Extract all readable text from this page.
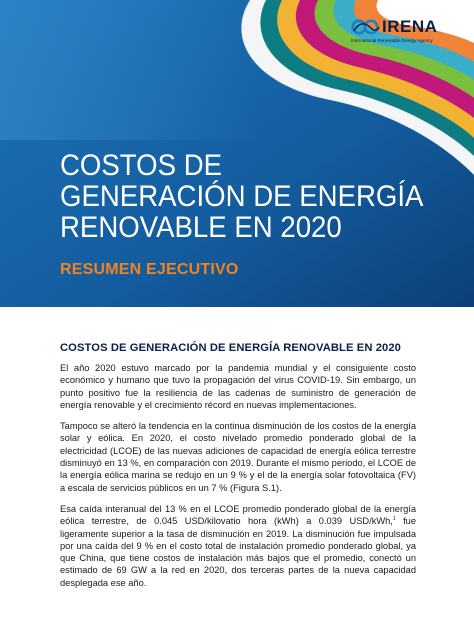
IRENA
International Renewable Energy Agency
COSTOS DE
GENERACIÓN DE ENERGÍA
RENOVABLE EN 2020
RESUMEN EJECUTIVO
COSTOS DE GENERACIÓN DE ENERGÍA RENOVABLE EN 2020

El año 2020 estuvo marcado por la pandemia mundial y el consiguiente costo económico y humano que tuvo la propagación del virus COVID-19. Sin embargo, un punto positivo fue la resiliencia de las cadenas de suministro de generación de energía renovable y el crecimiento récord en nuevas implementaciones.

Tampoco se alteró la tendencia en la continua disminución de los costos de la energía solar y eólica. En 2020, el costo nivelado promedio ponderado global de la electricidad (LCOE) de las nuevas adiciones de capacidad de energía eólica terrestre disminuyó en 13 %, en comparación con 2019. Durante el mismo periodo, el LCOE de la energía eólica marina se redujo en un 9 % y el de la energía solar fotovoltaica (FV) a escala de servicios públicos en un 7 % (Figura S.1).

Esa caída interanual del 13 % en el LCOE promedio ponderado global de la energía eólica terrestre, de 0.045 USD/kilovatio hora (kWh) a 0.039 USD/kWh,$^1$ fue ligeramente superior a la tasa de disminución en 2019. La disminución fue impulsada por una caída del 9 % en el costo total de instalación promedio ponderado global, ya que China, que tiene costos de instalación más bajos que el promedio, conectó un estimado de 69 GW a la red en 2020, dos terceras partes de la nueva capacidad desplegada ese año.
